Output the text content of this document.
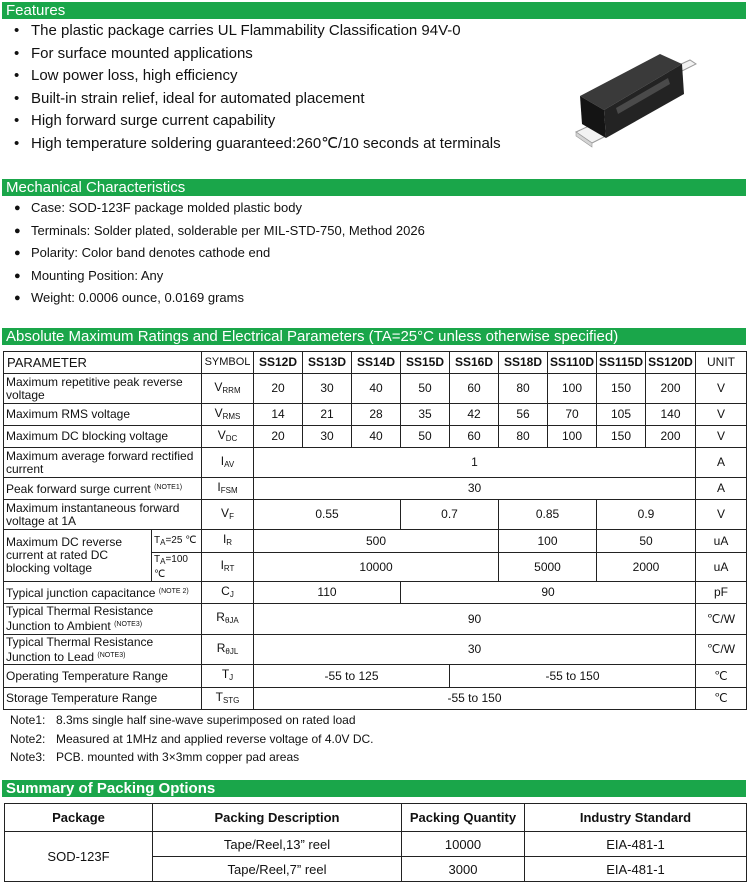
Features
• The plastic package carries UL Flammability Classification 94V-0
• For surface mounted applications
• Low power loss, high efficiency
• Built-in strain relief, ideal for automated placement
• High forward surge current capability
• High temperature soldering guaranteed:260℃/10 seconds at terminals
Mechanical Characteristics
● Case: SOD-123F package molded plastic body
● Terminals: Solder plated, solderable per MIL-STD-750, Method 2026
● Polarity: Color band denotes cathode end
● Mounting Position: Any
● Weight: 0.0006 ounce, 0.0169 grams
Absolute Maximum Ratings and Electrical Parameters (TA=25°C unless otherwise specified)
PARAMETER		SYMBOL	SS12D	SS13D	SS14D	SS15D	SS16D	SS18D	SS110D	SS115D	SS120D	UNIT
Maximum repetitive peak reverse voltage		$V_{RRM}$	20	30	40	50	60	80	100	150	200	V
Maximum RMS voltage		$V_{RMS}$	14	21	28	35	42	56	70	105	140	V
Maximum DC blocking voltage		$V_{DC}$	20	30	40	50	60	80	100	150	200	V
Maximum average forward rectified current		$I_{AV}$	1									A
Peak forward surge current $^{(NOTE1)}$		$I_{FSM}$	30									A
Maximum instantaneous forward voltage at 1A		$V_F$	0.55			0.7		0.85		0.9		V
Maximum DC reverse current at rated DC blocking voltage	$T_A=25$ ℃	$I_R$	500					100		50		uA
	$T_A=100$ ℃	$I_{RT}$	10000					5000		2000		uA
Typical junction capacitance $^{(NOTE 2)}$		$C_J$	110			90						pF
Typical Thermal Resistance
Junction to Ambient $^{(NOTE3)}$		$R_{\theta JA}$	90									℃/W
Typical Thermal Resistance
Junction to Lead $^{(NOTE3)}$		$R_{\theta JL}$	30									℃/W
Operating Temperature Range		$T_J$	-55 to 125				-55 to 150					℃
Storage Temperature Range		$T_{STG}$	-55 to 150									℃
Note1: 8.3ms single half sine-wave superimposed on rated load
Note2: Measured at 1MHz and applied reverse voltage of 4.0V DC.
Note3: PCB. mounted with 3×3mm copper pad areas
Summary of Packing Options
Package	Packing Description	Packing Quantity	Industry Standard
SOD-123F	Tape/Reel,13” reel	10000	EIA-481-1
	Tape/Reel,7” reel	3000	EIA-481-1
